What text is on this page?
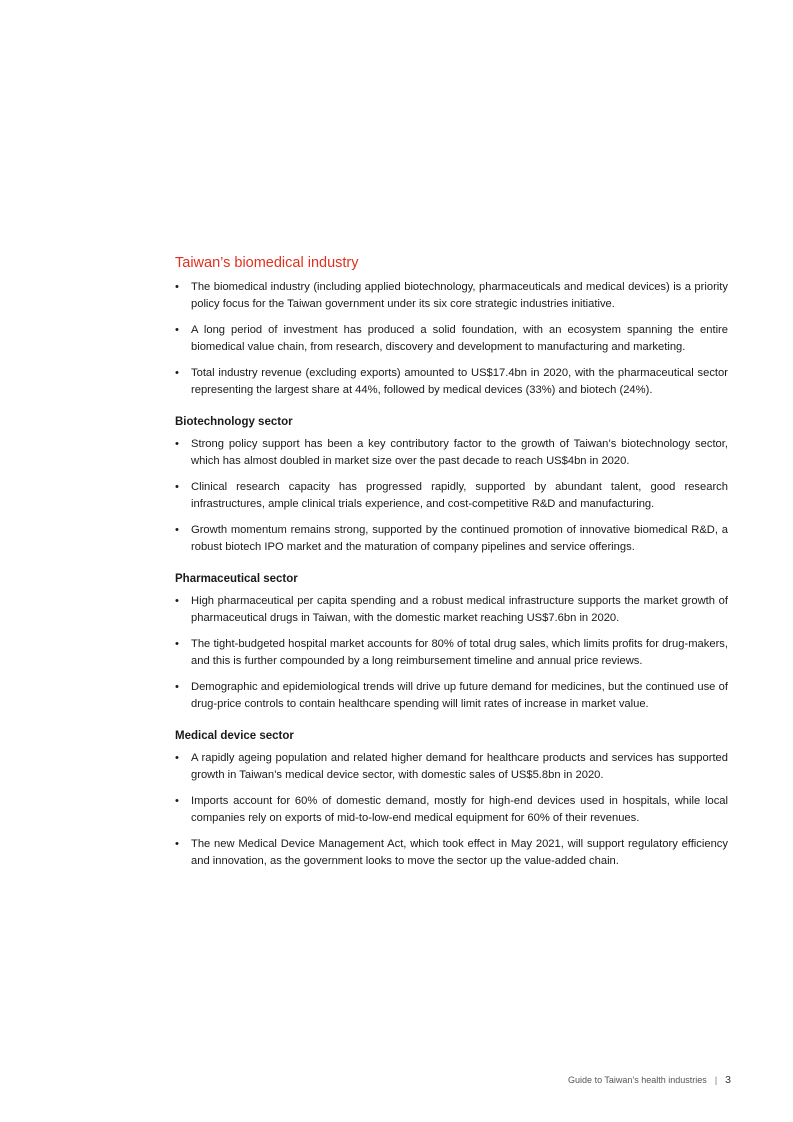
Taiwan’s biomedical industry
•	The biomedical industry (including applied biotechnology, pharmaceuticals and medical devices) is a priority policy focus for the Taiwan government under its six core strategic industries initiative.
•	A long period of investment has produced a solid foundation, with an ecosystem spanning the entire biomedical value chain, from research, discovery and development to manufacturing and marketing.
•	Total industry revenue (excluding exports) amounted to US$17.4bn in 2020, with the pharmaceutical sector representing the largest share at 44%, followed by medical devices (33%) and biotech (24%).
Biotechnology sector
•	Strong policy support has been a key contributory factor to the growth of Taiwan’s biotechnology sector, which has almost doubled in market size over the past decade to reach US$4bn in 2020.
•	Clinical research capacity has progressed rapidly, supported by abundant talent, good research infrastructures, ample clinical trials experience, and cost-competitive R&D and manufacturing.
•	Growth momentum remains strong, supported by the continued promotion of innovative biomedical R&D, a robust biotech IPO market and the maturation of company pipelines and service offerings.
Pharmaceutical sector
•	High pharmaceutical per capita spending and a robust medical infrastructure supports the market growth of pharmaceutical drugs in Taiwan, with the domestic market reaching US$7.6bn in 2020.
•	The tight-budgeted hospital market accounts for 80% of total drug sales, which limits profits for drug-makers, and this is further compounded by a long reimbursement timeline and annual price reviews.
•	Demographic and epidemiological trends will drive up future demand for medicines, but the continued use of drug-price controls to contain healthcare spending will limit rates of increase in market value.
Medical device sector
•	A rapidly ageing population and related higher demand for healthcare products and services has supported growth in Taiwan’s medical device sector, with domestic sales of US$5.8bn in 2020.
•	Imports account for 60% of domestic demand, mostly for high-end devices used in hospitals, while local companies rely on exports of mid-to-low-end medical equipment for 60% of their revenues.
•	The new Medical Device Management Act, which took effect in May 2021, will support regulatory efficiency and innovation, as the government looks to move the sector up the value-added chain.
Guide to Taiwan’s health industries | 3
